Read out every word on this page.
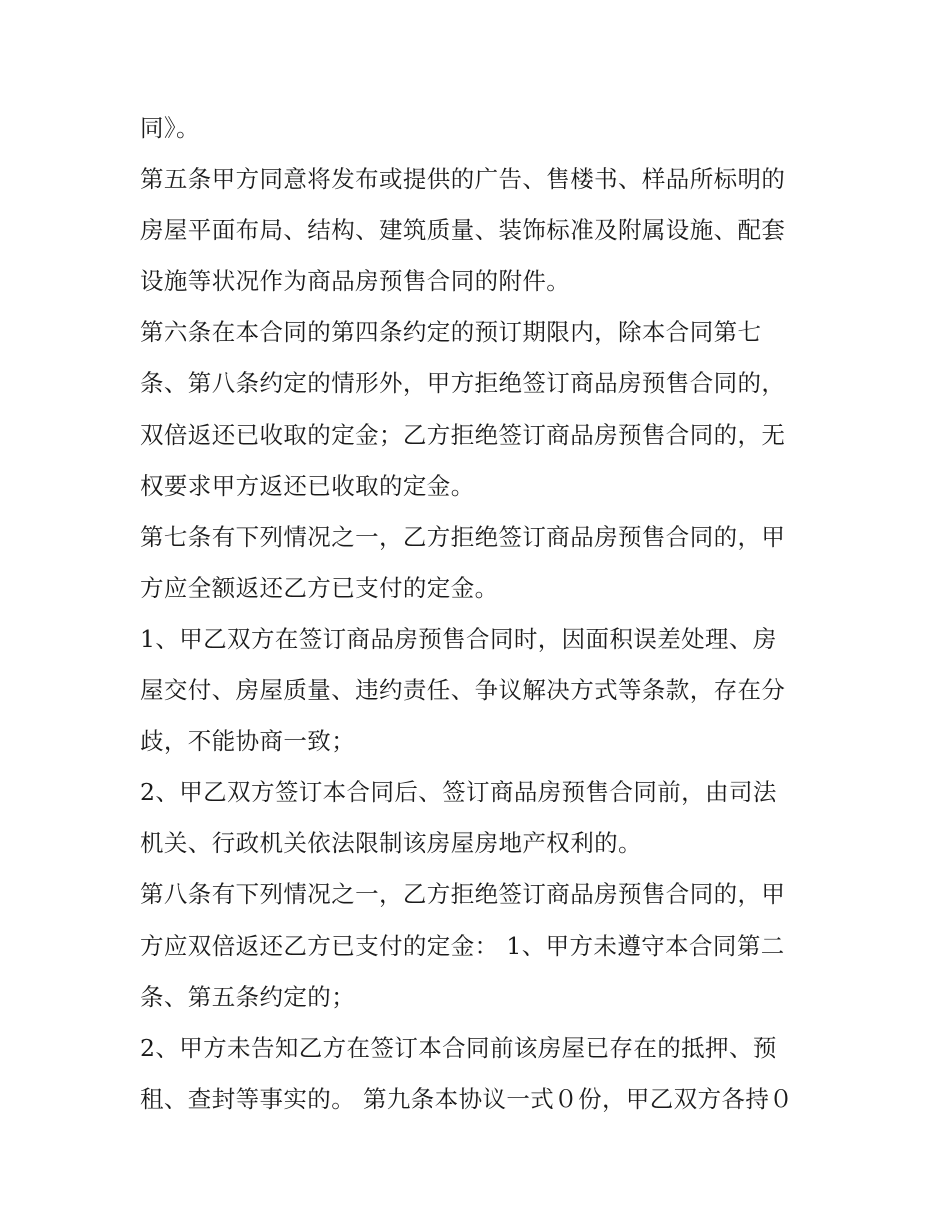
同》。
第五条甲方同意将发布或提供的广告、售楼书、样品所标明的
房屋平面布局、结构、建筑质量、装饰标准及附属设施、配套
设施等状况作为商品房预售合同的附件。
第六条在本合同的第四条约定的预订期限内，除本合同第七
条、第八条约定的情形外，甲方拒绝签订商品房预售合同的，
双倍返还已收取的定金；乙方拒绝签订商品房预售合同的，无
权要求甲方返还已收取的定金。
第七条有下列情况之一，乙方拒绝签订商品房预售合同的，甲
方应全额返还乙方已支付的定金。
1、甲乙双方在签订商品房预售合同时，因面积误差处理、房
屋交付、房屋质量、违约责任、争议解决方式等条款，存在分
歧，不能协商一致；
2、甲乙双方签订本合同后、签订商品房预售合同前，由司法
机关、行政机关依法限制该房屋房地产权利的。
第八条有下列情况之一，乙方拒绝签订商品房预售合同的，甲
方应双倍返还乙方已支付的定金： 1、甲方未遵守本合同第二
条、第五条约定的；
2、甲方未告知乙方在签订本合同前该房屋已存在的抵押、预
租、查封等事实的。 第九条本协议一式０份，甲乙双方各持０
